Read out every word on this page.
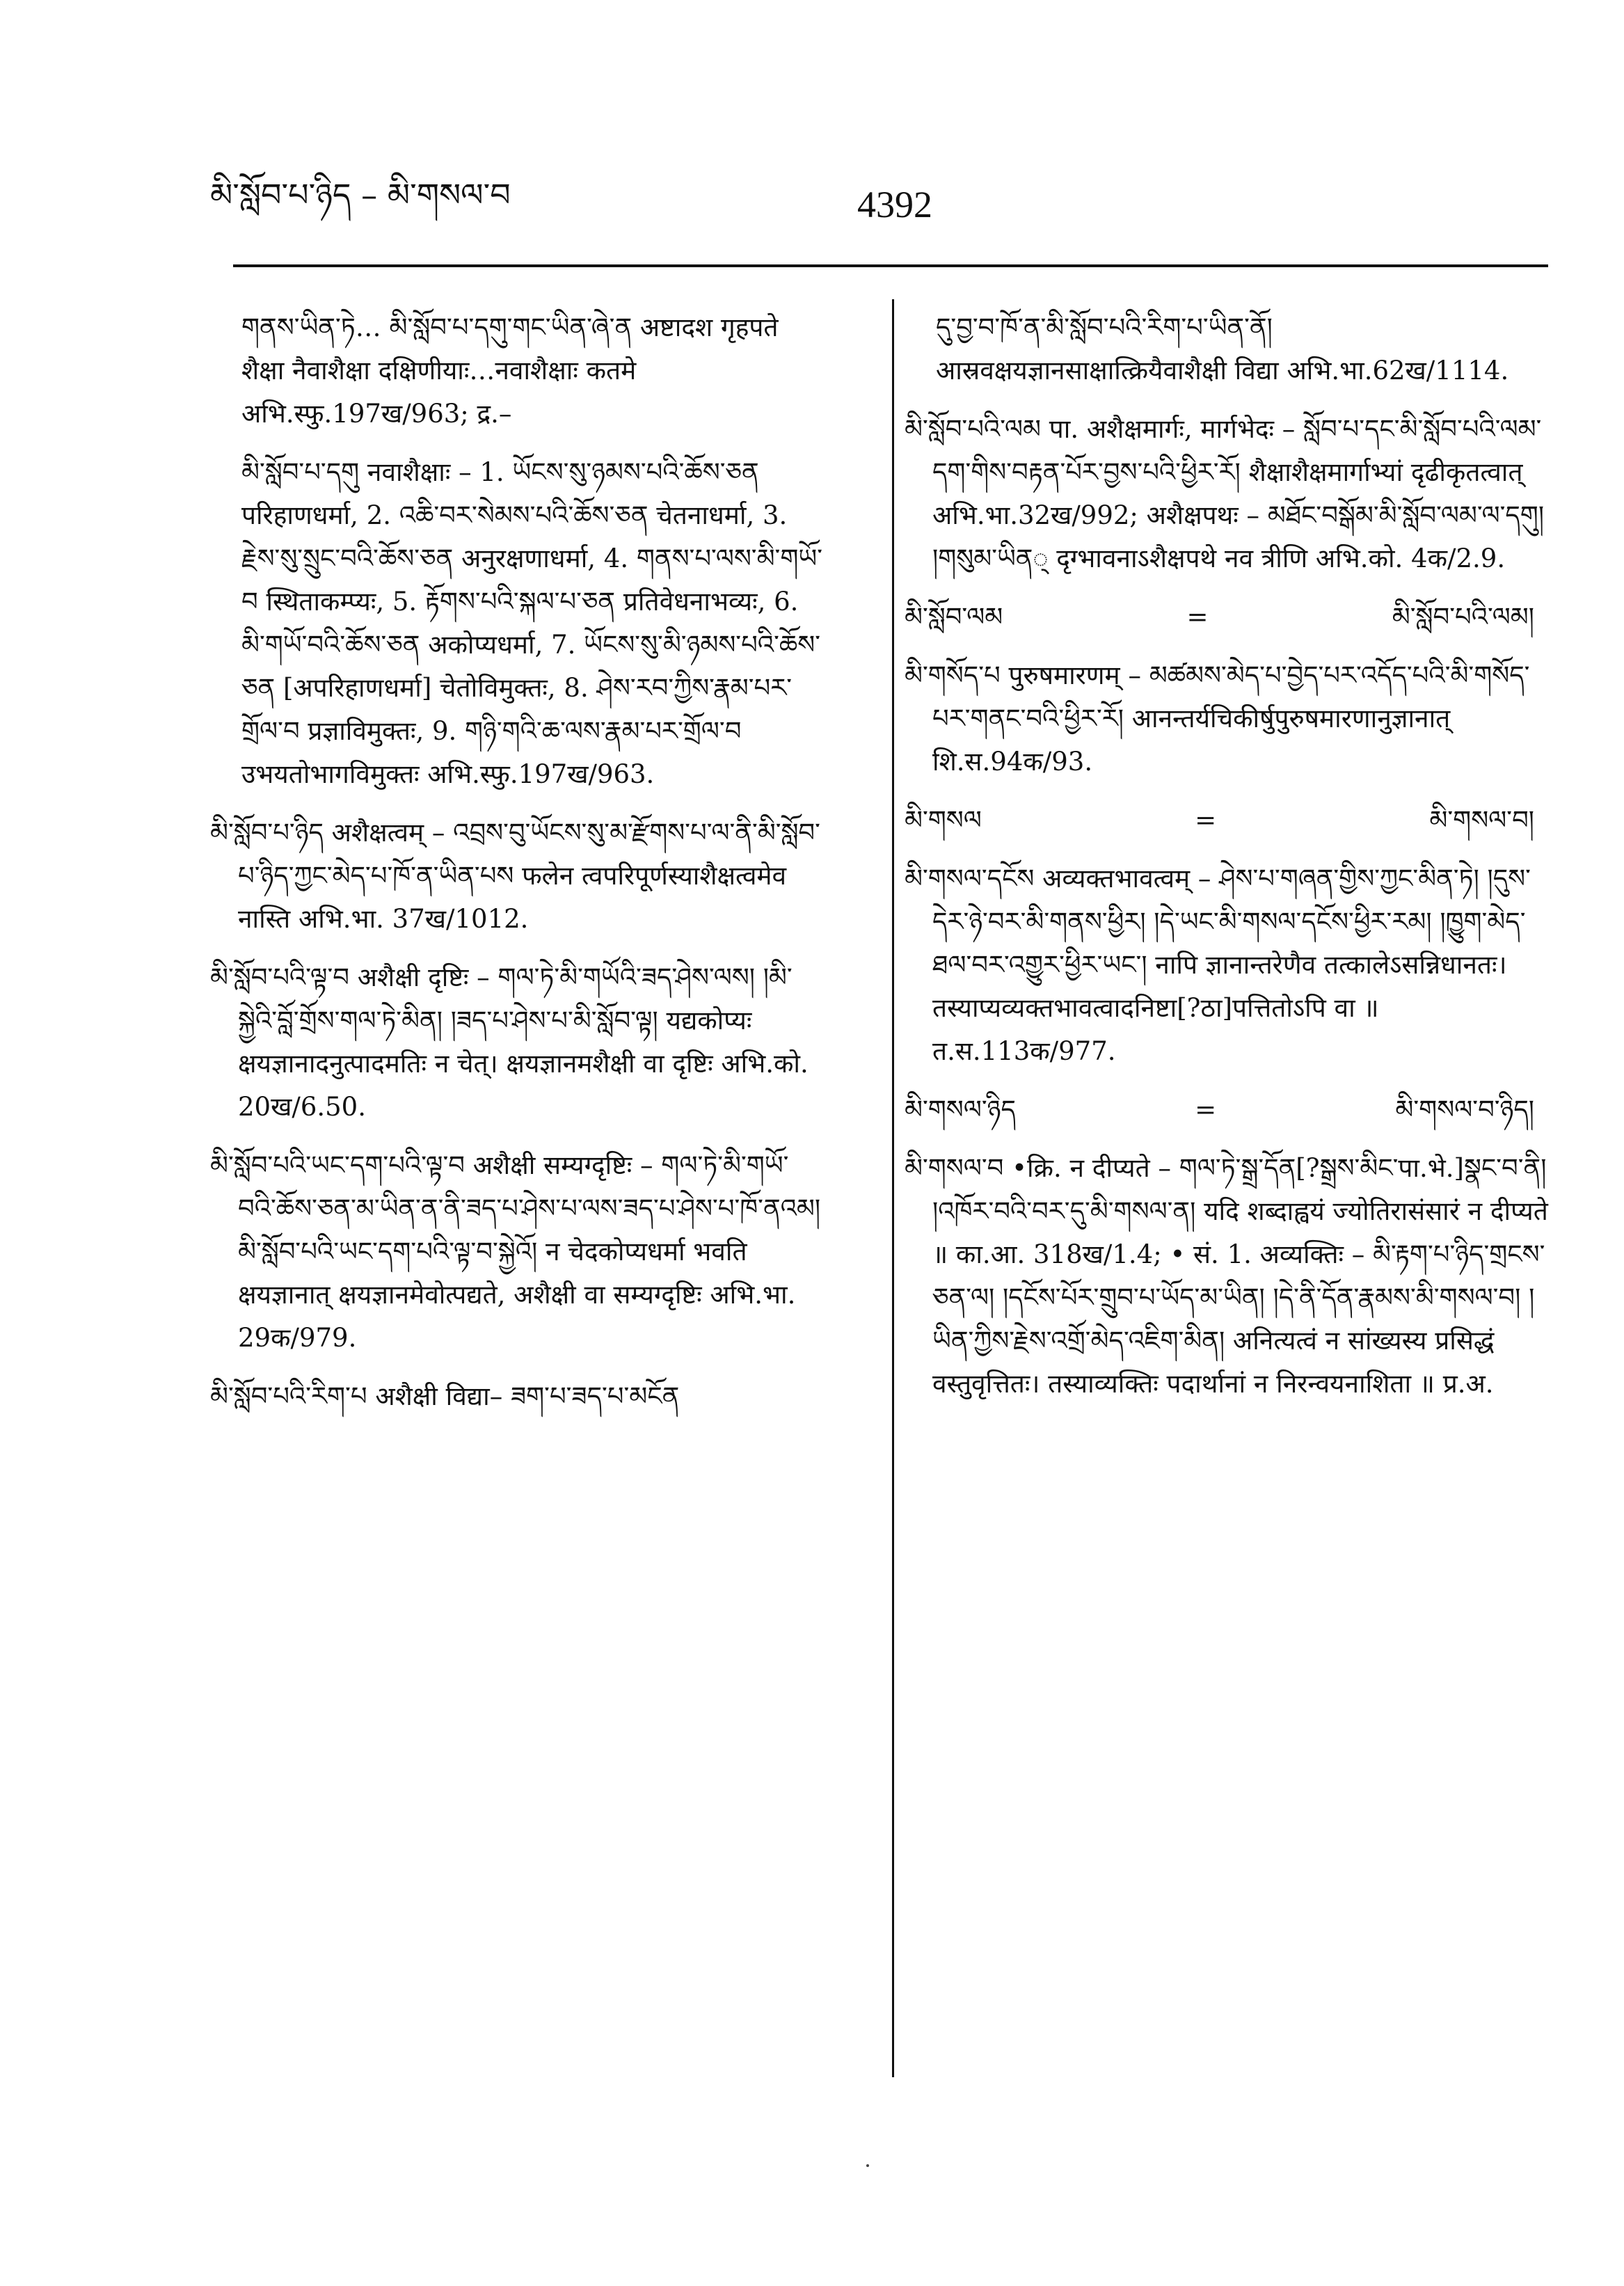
མི་སློབ་པ་ཉིད – མི་གསལ་བ	4392

གནས་ཡིན་ཏེ… མི་སློབ་པ་དགུ་གང་ཡིན་ཞེ་ན अष्टादश गृहपते शैक्षा नैवाशैक्षा दक्षिणीयाः…नवाशैक्षाः कतमे अभि.स्फु.197ख/963; द्र.–

མི་སློབ་པ་དགུ नवाशैक्षाः – 1. ཡོངས་སུ་ཉམས་པའི་ཆོས་ཅན परिहाणधर्मा, 2. འཆི་བར་སེམས་པའི་ཆོས་ཅན चेतनाधर्मा, 3. རྗེས་སུ་སྲུང་བའི་ཆོས་ཅན अनुरक्षणाधर्मा, 4. གནས་པ་ལས་མི་གཡོ་བ स्थिताकम्प्यः, 5. རྟོགས་པའི་སྐལ་པ་ཅན प्रतिवेधनाभव्यः, 6. མི་གཡོ་བའི་ཆོས་ཅན अकोप्यधर्मा, 7. ཡོངས་སུ་མི་ཉམས་པའི་ཆོས་ཅན [अपरिहाणधर्मा] चेतोविमुक्तः, 8. ཤེས་རབ་ཀྱིས་རྣམ་པར་གྲོལ་བ प्रज्ञाविमुक्तः, 9. གཉི་གའི་ཆ་ལས་རྣམ་པར་གྲོལ་བ उभयतोभागविमुक्तः अभि.स्फु.197ख/963.

མི་སློབ་པ་ཉིད अशैक्षत्वम् – འབྲས་བུ་ཡོངས་སུ་མ་རྫོགས་པ་ལ་ནི་མི་སློབ་པ་ཉིད་ཀྱང་མེད་པ་ཁོ་ན་ཡིན་པས फलेन त्वपरिपूर्णस्याशैक्षत्वमेव नास्ति अभि.भा. 37ख/1012.

མི་སློབ་པའི་ལྟ་བ अशैक्षी दृष्टिः – གལ་ཏེ་མི་གཡོའི་ཟད་ཤེས་ལས། །མི་སྐྱེའི་བློ་གྲོས་གལ་ཏེ་མིན། །ཟད་པ་ཤེས་པ་མི་སློབ་ལྟ། यद्यकोप्यः क्षयज्ञानादनुत्पादमतिः न चेत्। क्षयज्ञानमशैक्षी वा दृष्टिः अभि.को. 20ख/6.50.

མི་སློབ་པའི་ཡང་དག་པའི་ལྟ་བ अशैक्षी सम्यग्दृष्टिः – གལ་ཏེ་མི་གཡོ་བའི་ཆོས་ཅན་མ་ཡིན་ན་ནི་ཟད་པ་ཤེས་པ་ལས་ཟད་པ་ཤེས་པ་ཁོ་ནའམ། མི་སློབ་པའི་ཡང་དག་པའི་ལྟ་བ་སྐྱེའོ། न चेदकोप्यधर्मा भवति क्षयज्ञानात् क्षयज्ञानमेवोत्पद्यते, अशैक्षी वा सम्यग्दृष्टिः अभि.भा. 29क/979.

མི་སློབ་པའི་རིག་པ अशैक्षी विद्या– ཟག་པ་ཟད་པ་མངོན

དུ་བྱ་བ་ཁོ་ན་མི་སློབ་པའི་རིག་པ་ཡིན་ནོ། आस्रवक्षयज्ञानसाक्षात्क्रियैवाशैक्षी विद्या अभि.भा.62ख/1114.

མི་སློབ་པའི་ལམ पा. अशैक्षमार्गः, मार्गभेदः – སློབ་པ་དང་མི་སློབ་པའི་ལམ་དག་གིས་བརྟན་པོར་བྱས་པའི་ཕྱིར་རོ། शैक्षाशैक्षमार्गाभ्यां दृढीकृतत्वात् अभि.भा.32ख/992; अशैक्षपथः – མཐོང་བསྒོམ་མི་སློབ་ལམ་ལ་དགུ། །གསུམ་ཡིན् दृग्भावनाऽशैक्षपथे नव त्रीणि अभि.को. 4क/2.9.

མི་སློབ་ལམ	=	མི་སློབ་པའི་ལམ།

མི་གསོད་པ पुरुषमारणम् – མཚམས་མེད་པ་བྱེད་པར་འདོད་པའི་མི་གསོད་པར་གནང་བའི་ཕྱིར་རོ། आनन्तर्यचिकीर्षुपुरुषमारणानुज्ञानात् शि.स.94क/93.

མི་གསལ	=	མི་གསལ་བ།

མི་གསལ་དངོས अव्यक्तभावत्वम् – ཤེས་པ་གཞན་གྱིས་ཀྱང་མིན་ཏེ། །དུས་དེར་ཉེ་བར་མི་གནས་ཕྱིར། །དེ་ཡང་མི་གསལ་དངོས་ཕྱིར་རམ། །ཁྱུག་མེད་ཐལ་བར་འགྱུར་ཕྱིར་ཡང་། नापि ज्ञानान्तरेणैव तत्कालेऽसन्निधानतः। तस्याप्यव्यक्तभावत्वादनिष्टा[?ठा]पत्तितोऽपि वा ॥ त.स.113क/977.

མི་གསལ་ཉིད	=	མི་གསལ་བ་ཉིད།

མི་གསལ་བ •क्रि. न दीप्यते – གལ་ཏེ་སྒྲ་དོན[?སྒྲས་མིང་पा.भे.]སྣང་བ་ནི། །འཁོར་བའི་བར་དུ་མི་གསལ་ན། यदि शब्दाह्वयं ज्योतिरासंसारं न दीप्यते ॥ का.आ. 318ख/1.4; • सं. 1. अव्यक्तिः – མི་རྟག་པ་ཉིད་གྲངས་ཅན་ལ། །དངོས་པོར་གྲུབ་པ་ཡོད་མ་ཡིན། །དེ་ནི་དོན་རྣམས་མི་གསལ་བ། །ཡིན་ཀྱིས་རྗེས་འགྲོ་མེད་འཇིག་མིན། अनित्यत्वं न सांख्यस्य प्रसिद्धं वस्तुवृत्तितः। तस्याव्यक्तिः पदार्थानां न निरन्वयनाशिता ॥ प्र.अ.
